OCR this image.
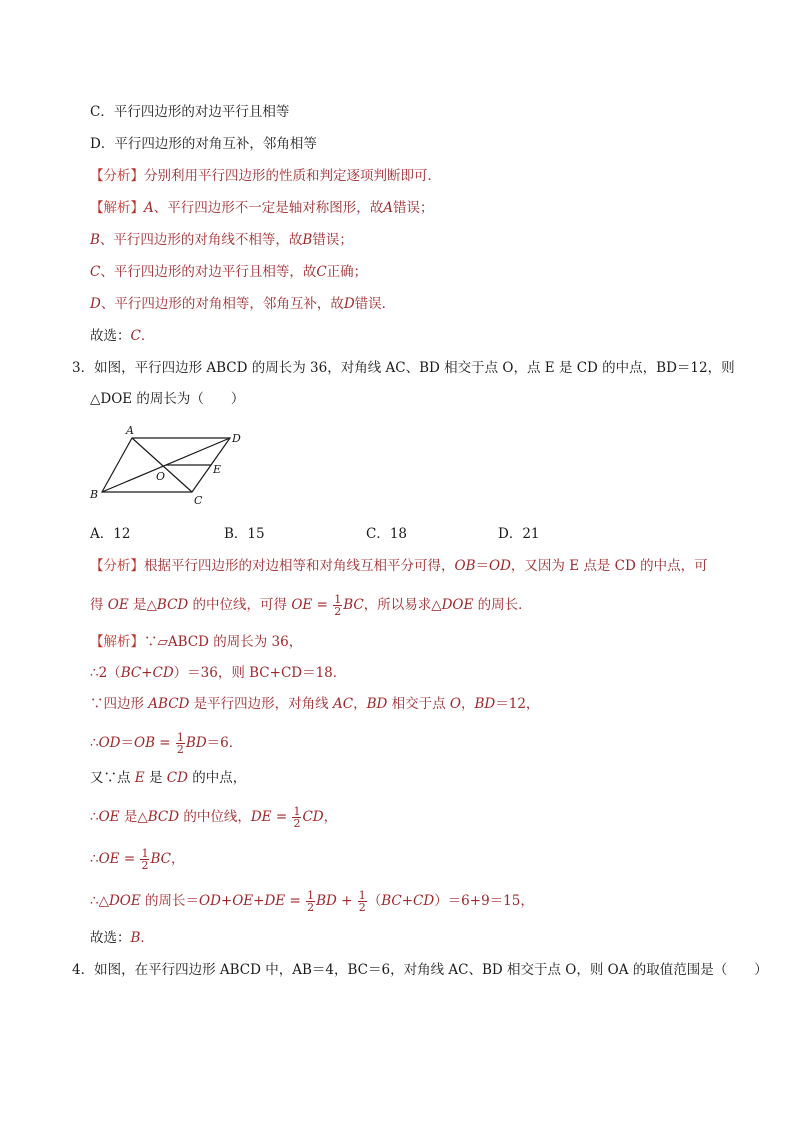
C．平行四边形的对边平行且相等
D．平行四边形的对角互补，邻角相等
【分析】分别利用平行四边形的性质和判定逐项判断即可．
【解析】A、平行四边形不一定是轴对称图形，故A错误；
B、平行四边形的对角线不相等，故B错误；
C、平行四边形的对边平行且相等，故C正确；
D、平行四边形的对角相等，邻角互补，故D错误．
故选：C．
3．如图，平行四边形 ABCD 的周长为 36，对角线 AC、BD 相交于点 O，点 E 是 CD 的中点，BD＝12，则
△DOE 的周长为（　　）
A
D
O
E
B	C
A．12	B．15	C．18	D．21
【分析】根据平行四边形的对边相等和对角线互相平分可得，OB＝OD，又因为 E 点是 CD 的中点，可
得 OE 是△BCD 的中位线，可得 OE = $\frac{1}{2}$ BC，所以易求△DOE 的周长．
【解析】∵▱ABCD 的周长为 36，
∴2（BC+CD）＝36，则 BC+CD＝18．
∵四边形 ABCD 是平行四边形，对角线 AC，BD 相交于点 O，BD＝12，
∴OD＝OB = $\frac{1}{2} BD=6$．
又∵点 E 是 CD 的中点，
∴OE 是△BCD 的中位线，DE = $\frac{1}{2}$ CD，
∴OE = $\frac{1}{2}$ BC，
∴△DOE 的周长$=OD+OE+DE = \frac{1}{2}$ BD + $\frac{1}{2} (BC+CD)=6+9=15$，
故选：B．
4．如图，在平行四边形 ABCD 中，AB＝4，BC＝6，对角线 AC、BD 相交于点 O，则 OA 的取值范围是（　　）
